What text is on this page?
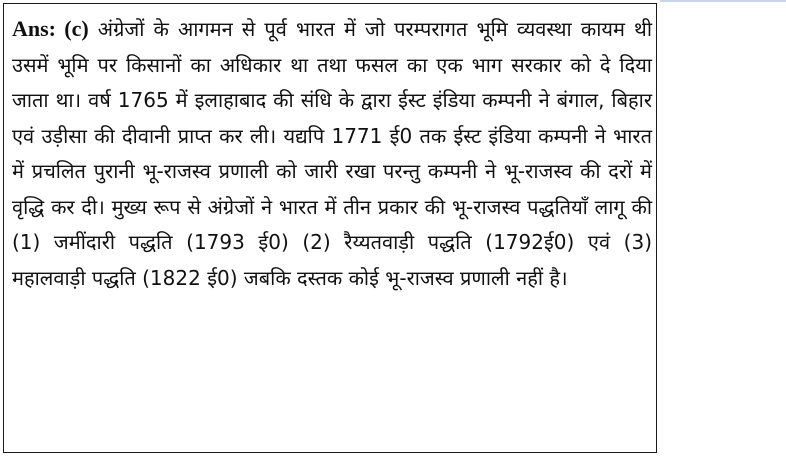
Ans: (c) अंग्रेजों के आगमन से पूर्व भारत में जो परम्परागत भूमि व्यवस्था कायम थी उसमें भूमि पर किसानों का अधिकार था तथा फसल का एक भाग सरकार को दे दिया जाता था। वर्ष 1765 में इलाहाबाद की संधि के द्वारा ईस्ट इंडिया कम्पनी ने बंगाल, बिहार एवं उड़ीसा की दीवानी प्राप्त कर ली। यद्यपि 1771 ई0 तक ईस्ट इंडिया कम्पनी ने भारत में प्रचलित पुरानी भू-राजस्व प्रणाली को जारी रखा परन्तु कम्पनी ने भू-राजस्व की दरों में वृद्धि कर दी। मुख्य रूप से अंग्रेजों ने भारत में तीन प्रकार की भू-राजस्व पद्धतियाँ लागू की (1) जमींदारी पद्धति (1793 ई0) (2) रैय्यतवाड़ी पद्धति (1792ई0) एवं (3) महालवाड़ी पद्धति (1822 ई0) जबकि दस्तक कोई भू-राजस्व प्रणाली नहीं है।
